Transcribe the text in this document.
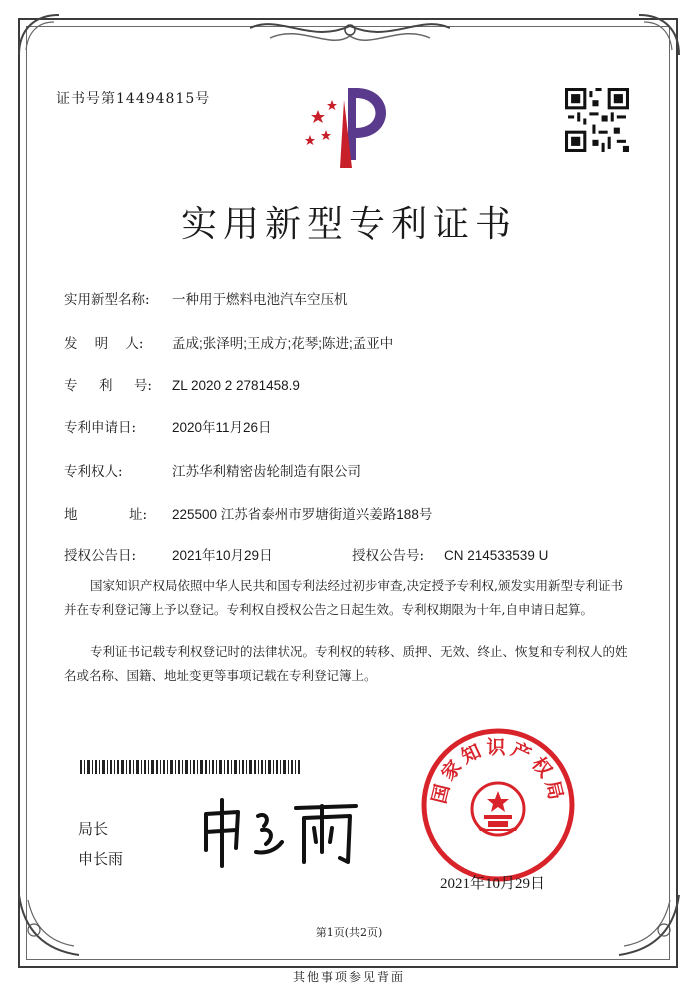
证书号第14494815号
实用新型专利证书
实用新型名称: 一种用于燃料电池汽车空压机
发    明    人: 孟成;张泽明;王成方;花琴;陈进;孟亚中
专     利     号: ZL 2020 2 2781458.9
专利申请日:	2020年11月26日
专利权人:	江苏华利精密齿轮制造有限公司
地            址: 225500 江苏省泰州市罗塘街道兴姜路188号
授权公告日:	2021年10月29日	授权公告号: CN 214533539 U
国家知识产权局依照中华人民共和国专利法经过初步审查,决定授予专利权,颁发实用新型专利证书并在专利登记簿上予以登记。专利权自授权公告之日起生效。专利权期限为十年,自申请日起算。
专利证书记载专利权登记时的法律状况。专利权的转移、质押、无效、终止、恢复和专利权人的姓名或名称、国籍、地址变更等事项记载在专利登记簿上。
局长
申长雨
国家知识产权局
2021年10月29日
第1页(共2页)
其他事项参见背面
